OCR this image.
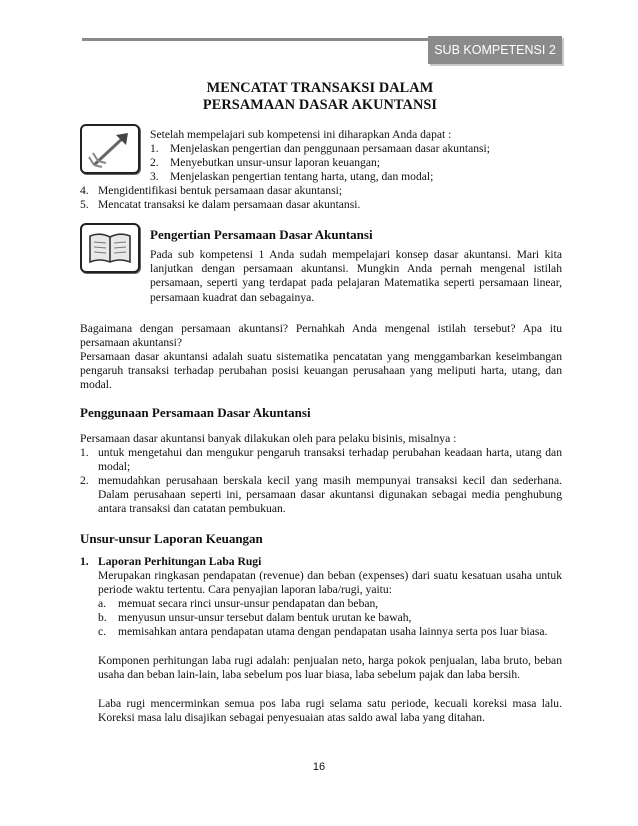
SUB KOMPETENSI 2
MENCATAT TRANSAKSI DALAM
PERSAMAAN DASAR AKUNTANSI
Setelah mempelajari sub kompetensi ini diharapkan Anda dapat :
1. Menjelaskan pengertian dan penggunaan persamaan dasar akuntansi;
2. Menyebutkan unsur-unsur laporan keuangan;
3. Menjelaskan pengertian tentang harta, utang, dan modal;
4. Mengidentifikasi bentuk persamaan dasar akuntansi;
5. Mencatat transaksi ke dalam persamaan dasar akuntansi.
Pengertian Persamaan Dasar Akuntansi
Pada sub kompetensi 1 Anda sudah mempelajari konsep dasar akuntansi. Mari kita lanjutkan dengan persamaan akuntansi. Mungkin Anda pernah mengenal istilah persamaan, seperti yang terdapat pada pelajaran Matematika seperti persamaan linear, persamaan kuadrat dan sebagainya.
Bagaimana dengan persamaan akuntansi? Pernahkah Anda mengenal istilah tersebut? Apa itu persamaan akuntansi?
Persamaan dasar akuntansi adalah suatu sistematika pencatatan yang menggambarkan keseimbangan pengaruh transaksi terhadap perubahan posisi keuangan perusahaan yang meliputi harta, utang, dan modal.
Penggunaan Persamaan Dasar Akuntansi
Persamaan dasar akuntansi banyak dilakukan oleh para pelaku bisinis, misalnya :
1. untuk mengetahui dan mengukur pengaruh transaksi terhadap perubahan keadaan harta, utang dan modal;
2. memudahkan perusahaan berskala kecil yang masih mempunyai transaksi kecil dan sederhana. Dalam perusahaan seperti ini, persamaan dasar akuntansi digunakan sebagai media penghubung antara transaksi dan catatan pembukuan.
Unsur-unsur Laporan Keuangan
1. Laporan Perhitungan Laba Rugi
Merupakan ringkasan pendapatan (revenue) dan beban (expenses) dari suatu kesatuan usaha untuk periode waktu tertentu. Cara penyajian laporan laba/rugi, yaitu:
a.	memuat secara rinci unsur-unsur pendapatan dan beban,
b. menyusun unsur-unsur tersebut dalam bentuk urutan ke bawah,
c.	memisahkan antara pendapatan utama dengan pendapatan usaha lainnya serta pos luar biasa.
Komponen perhitungan laba rugi adalah: penjualan neto, harga pokok penjualan, laba bruto, beban usaha dan beban lain-lain, laba sebelum pos luar biasa, laba sebelum pajak dan laba bersih.
Laba rugi mencerminkan semua pos laba rugi selama satu periode, kecuali koreksi masa lalu. Koreksi masa lalu disajikan sebagai penyesuaian atas saldo awal laba yang ditahan.
16
